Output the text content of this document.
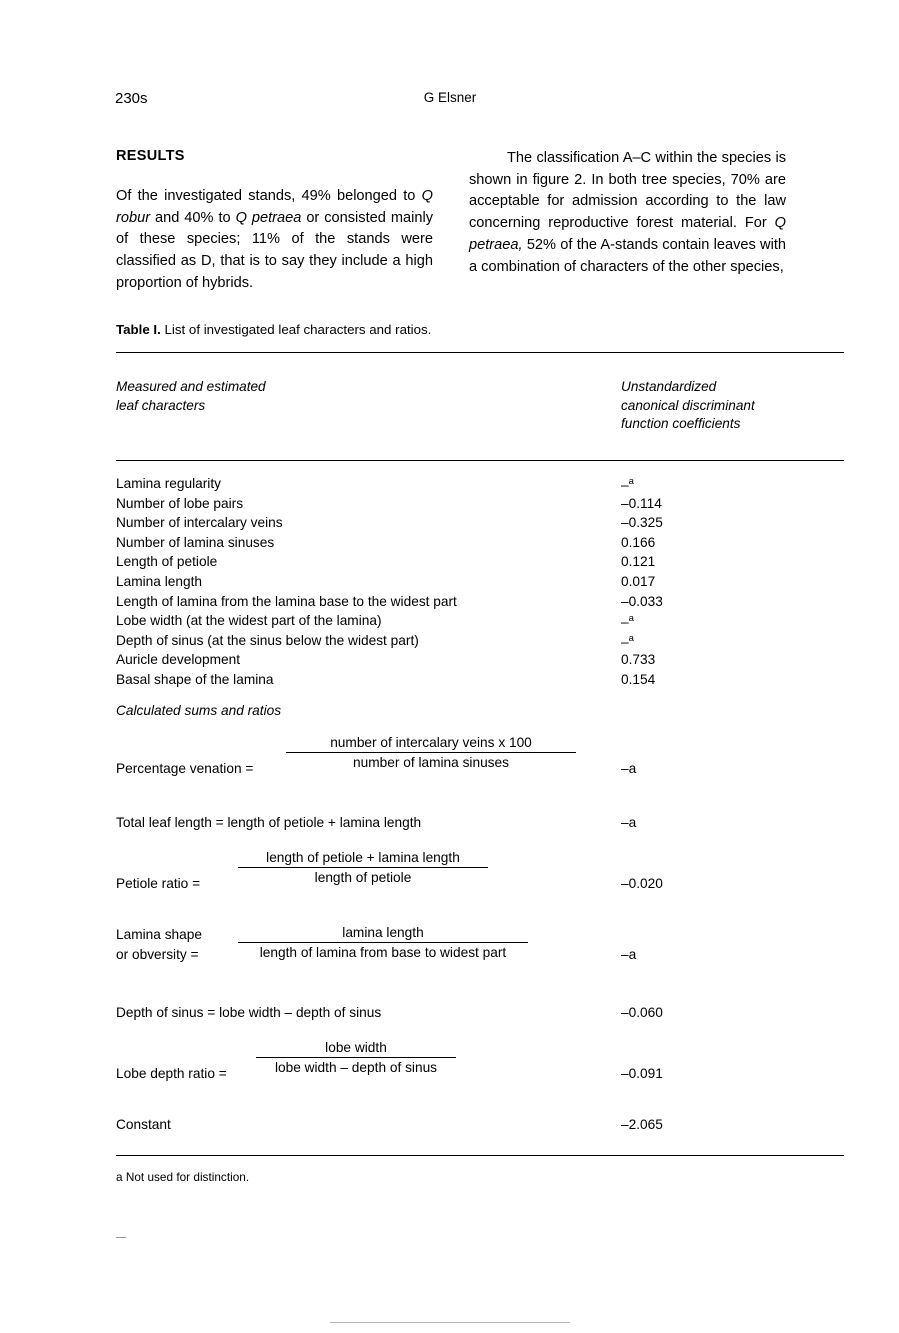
230s	G Elsner
RESULTS

Of the investigated stands, 49% belonged to Q robur and 40% to Q petraea or consisted mainly of these species; 11% of the stands were classified as D, that is to say they include a high proportion of hybrids.

The classification A–C within the species is shown in figure 2. In both tree species, 70% are acceptable for admission according to the law concerning reproductive forest material. For Q petraea, 52% of the A-stands contain leaves with a combination of characters of the other species,

Table I. List of investigated leaf characters and ratios.
Measured and estimated
leaf characters
Unstandardized
canonical discriminant
function coefficients
Lamina regularity	–$^a$
Number of lobe pairs	–0.114
Number of intercalary veins	–0.325
Number of lamina sinuses	0.166
Length of petiole	0.121
Lamina length	0.017
Length of lamina from the lamina base to the widest part	–0.033
Lobe width (at the widest part of the lamina)	–$^a$
Depth of sinus (at the sinus below the widest part)	–$^a$
Auricle development	0.733
Basal shape of the lamina	0.154
Calculated sums and ratios
Percentage venation =
number of intercalary veins x 100
number of lamina sinuses	–a
Total leaf length = length of petiole + lamina length	–a
Petiole ratio =
length of petiole + lamina length
length of petiole	–0.020
Lamina shape
or obversity =
lamina length
length of lamina from base to widest part	–a
Depth of sinus = lobe width – depth of sinus	–0.060
Lobe depth ratio =
lobe width
lobe width – depth of sinus	–0.091
Constant	–2.065
a Not used for distinction.
